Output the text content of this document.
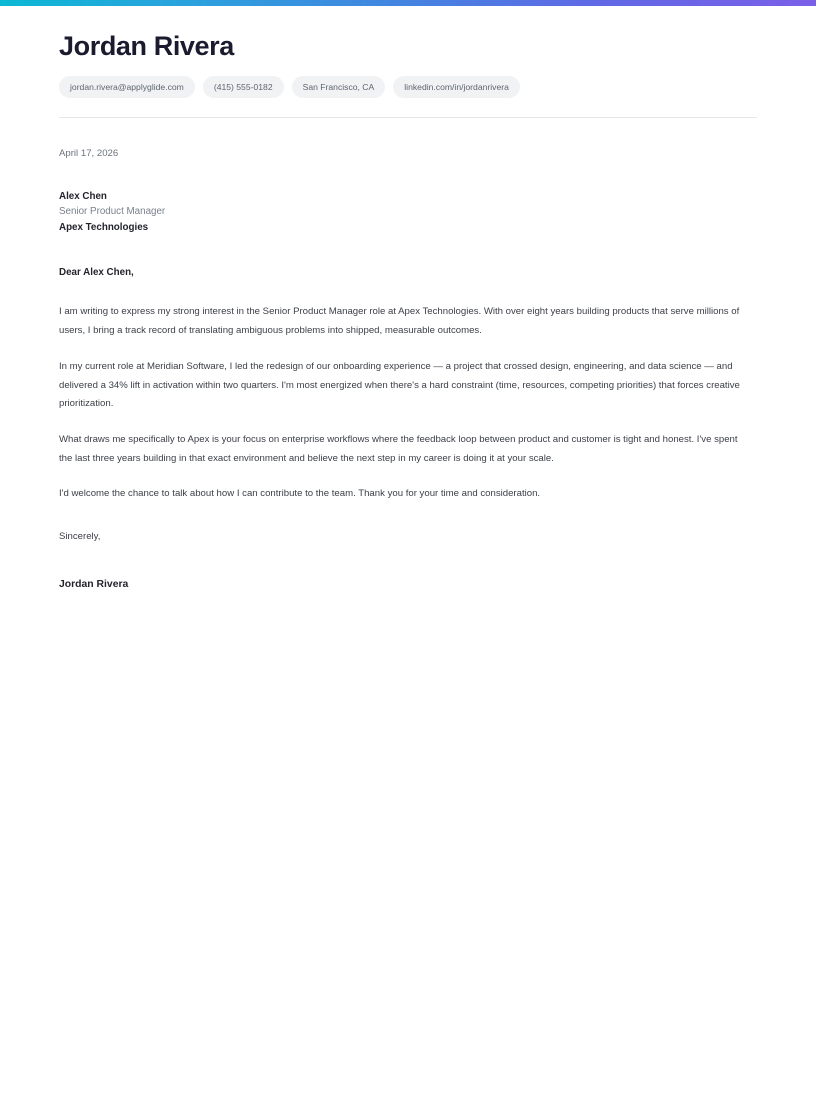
Jordan Rivera
jordan.rivera@applyglide.com	(415) 555-0182	San Francisco, CA	linkedin.com/in/jordanrivera

April 17, 2026

Alex Chen

Senior Product Manager

Apex Technologies

Dear Alex Chen,

I am writing to express my strong interest in the Senior Product Manager role at Apex Technologies. With over eight years building products that serve millions of users, I bring a track record of translating ambiguous problems into shipped, measurable outcomes.

In my current role at Meridian Software, I led the redesign of our onboarding experience — a project that crossed design, engineering, and data science — and delivered a 34% lift in activation within two quarters. I'm most energized when there's a hard constraint (time, resources, competing priorities) that forces creative prioritization.

What draws me specifically to Apex is your focus on enterprise workflows where the feedback loop between product and customer is tight and honest. I've spent the last three years building in that exact environment and believe the next step in my career is doing it at your scale.

I'd welcome the chance to talk about how I can contribute to the team. Thank you for your time and consideration.

Sincerely,

Jordan Rivera
